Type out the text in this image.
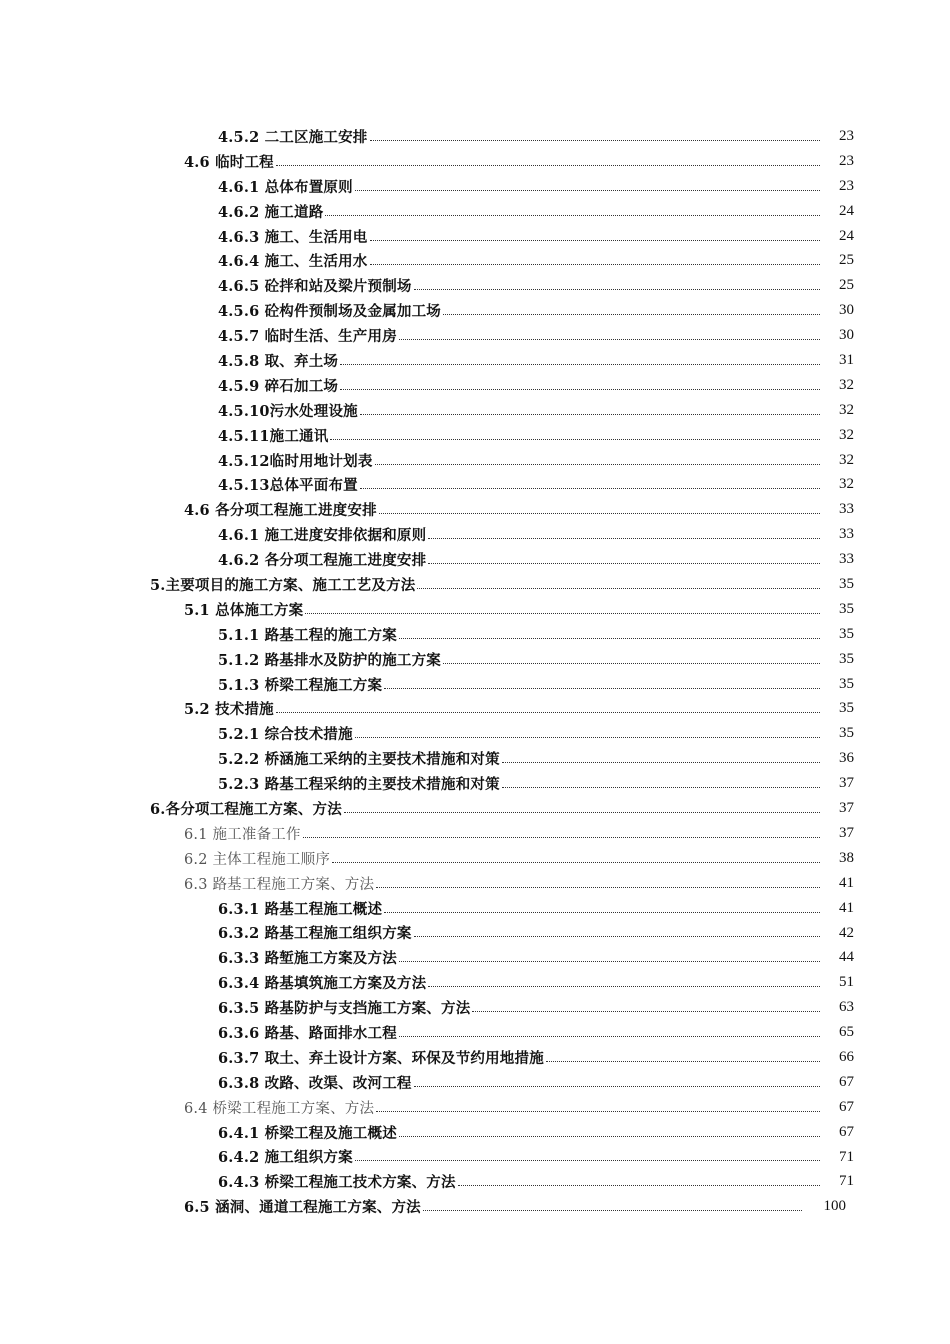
4.5.2 二工区施工安排	23
4.6 临时工程	23
4.6.1 总体布置原则	23
4.6.2 施工道路	24
4.6.3 施工、生活用电	24
4.6.4 施工、生活用水	25
4.6.5 砼拌和站及梁片预制场	25
4.5.6 砼构件预制场及金属加工场	30
4.5.7 临时生活、生产用房	30
4.5.8 取、弃土场	31
4.5.9 碎石加工场	32
4.5.10污水处理设施	32
4.5.11施工通讯	32
4.5.12临时用地计划表	32
4.5.13总体平面布置	32
4.6 各分项工程施工进度安排	33
4.6.1 施工进度安排依据和原则	33
4.6.2 各分项工程施工进度安排	33
5.主要项目的施工方案、施工工艺及方法	35
5.1 总体施工方案	35
5.1.1 路基工程的施工方案	35
5.1.2 路基排水及防护的施工方案	35
5.1.3 桥梁工程施工方案	35
5.2 技术措施	35
5.2.1 综合技术措施	35
5.2.2 桥涵施工采纳的主要技术措施和对策	36
5.2.3 路基工程采纳的主要技术措施和对策	37
6.各分项工程施工方案、方法	37
6.1 施工准备工作	37
6.2 主体工程施工顺序	38
6.3 路基工程施工方案、方法	41
6.3.1 路基工程施工概述	41
6.3.2 路基工程施工组织方案	42
6.3.3 路堑施工方案及方法	44
6.3.4 路基填筑施工方案及方法	51
6.3.5 路基防护与支挡施工方案、方法	63
6.3.6 路基、路面排水工程	65
6.3.7 取土、弃土设计方案、环保及节约用地措施	66
6.3.8 改路、改渠、改河工程	67
6.4 桥梁工程施工方案、方法	67
6.4.1 桥梁工程及施工概述	67
6.4.2 施工组织方案	71
6.4.3 桥梁工程施工技术方案、方法	71
6.5 涵洞、通道工程施工方案、方法	100
